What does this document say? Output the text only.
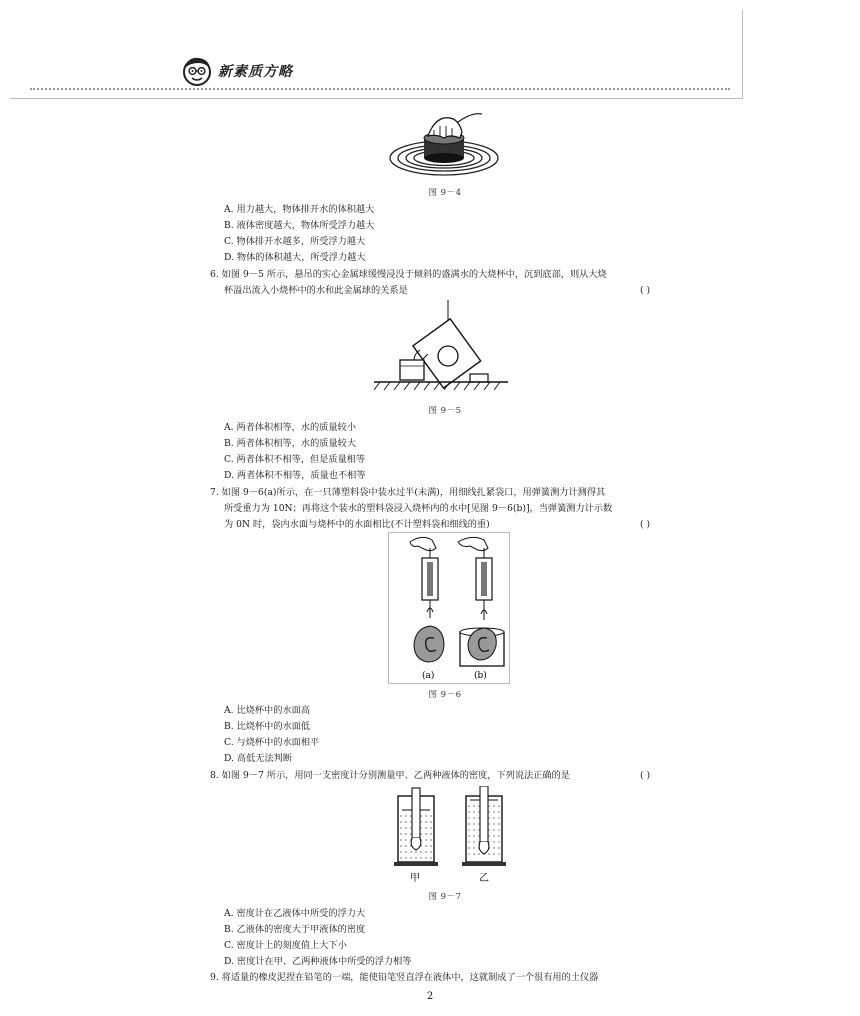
新素质方略
图 9－4
A. 用力越大，物体排开水的体积越大
B. 液体密度越大，物体所受浮力越大
C. 物体排开水越多，所受浮力越大
D. 物体的体积越大，所受浮力越大
6. 如图 9－5 所示，悬吊的实心金属球缓慢浸没于倾斜的盛满水的大烧杯中，沉到底部，则从大烧
杯溢出流入小烧杯中的水和此金属球的关系是	( )
图 9－5
A. 两者体积相等，水的质量较小
B. 两者体积相等，水的质量较大
C. 两者体积不相等，但是质量相等
D. 两者体积不相等，质量也不相等
7. 如图 9－6(a)所示，在一只薄塑料袋中装水过半(未满)，用细线扎紧袋口，用弹簧测力计测得其
所受重力为 10N；再将这个装水的塑料袋浸入烧杯内的水中[见图 9－6(b)]，当弹簧测力计示数
为 0N 时，袋内水面与烧杯中的水面相比(不计塑料袋和细线的重)	( )
(a)	(b)
图 9－6
A. 比烧杯中的水面高
B. 比烧杯中的水面低
C. 与烧杯中的水面相平
D. 高低无法判断
8. 如图 9－7 所示，用同一支密度计分别测量甲、乙两种液体的密度，下列说法正确的是	( )
甲	乙
图 9－7
A. 密度计在乙液体中所受的浮力大
B. 乙液体的密度大于甲液体的密度
C. 密度计上的刻度值上大下小
D. 密度计在甲、乙两种液体中所受的浮力相等
9. 将适量的橡皮泥捏在铅笔的一端，能使铅笔竖直浮在液体中，这就制成了一个很有用的土仪器
2
